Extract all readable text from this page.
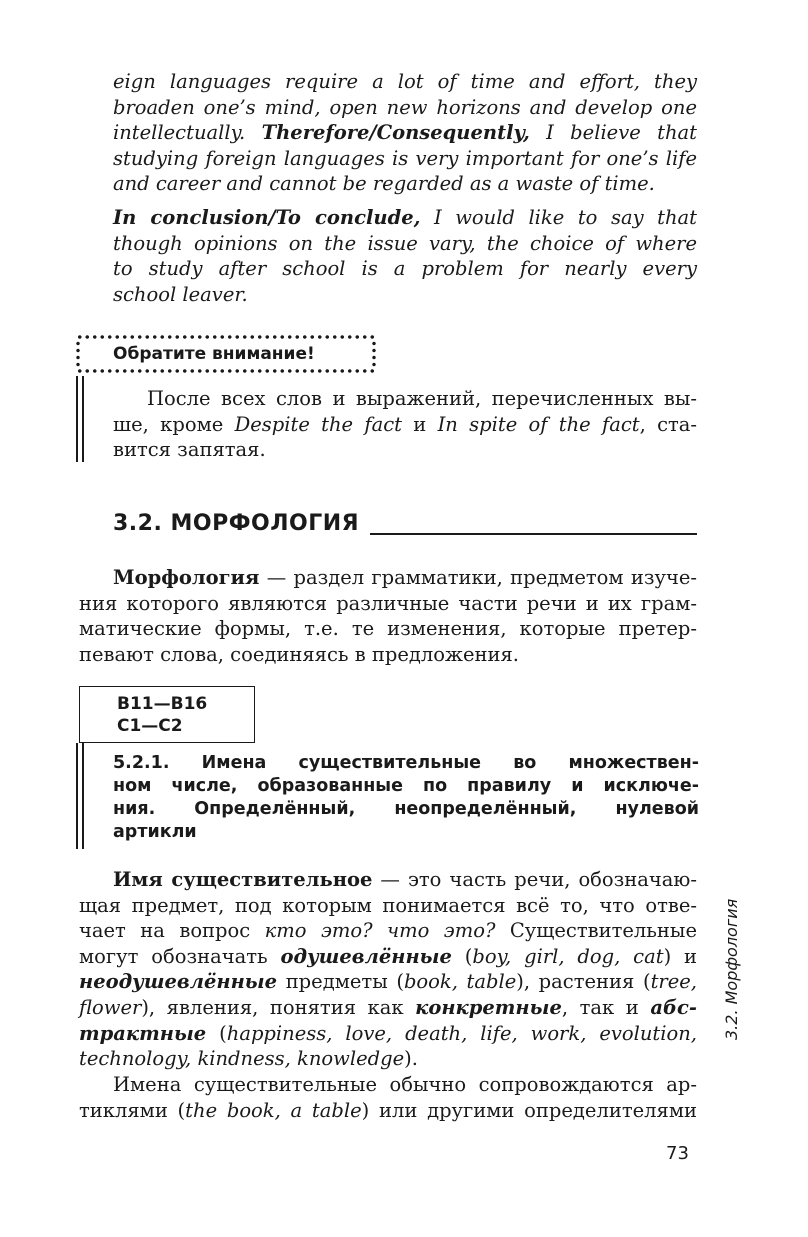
eign languages require a lot of time and effort, they
broaden one’s mind, open new horizons and develop one
intellectually. Therefore/Consequently, I believe that
studying foreign languages is very important for one’s life
and career and cannot be regarded as a waste of time.
In conclusion/To conclude, I would like to say that
though opinions on the issue vary, the choice of where
to study after school is a problem for nearly every
school leaver.
Обратите внимание!
После всех слов и выражений, перечисленных вы-
ше, кроме Despite the fact и In spite of the fact, ста-
вится запятая.
3.2. МОРФОЛОГИЯ
Морфология — раздел грамматики, предметом изуче-
ния которого являются различные части речи и их грам-
матические формы, т.е. те изменения, которые претер-
певают слова, соединяясь в предложения.
B11—B16
C1—C2
5.2.1. Имена существительные во множествен-
ном числе, образованные по правилу и исключе-
ния. Определённый, неопределённый, нулевой
артикли
Имя существительное — это часть речи, обозначаю-
щая предмет, под которым понимается всё то, что отве-
чает на вопрос кто это? что это? Существительные
могут обозначать одушевлённые (boy, girl, dog, cat) и
неодушевлённые предметы (book, table), растения (tree,
flower), явления, понятия как конкретные, так и абс-
трактные (happiness, love, death, life, work, evolution,
technology, kindness, knowledge).
Имена существительные обычно сопровождаются ар-
тиклями (the book, a table) или другими определителями
3.2. Морфология
73
